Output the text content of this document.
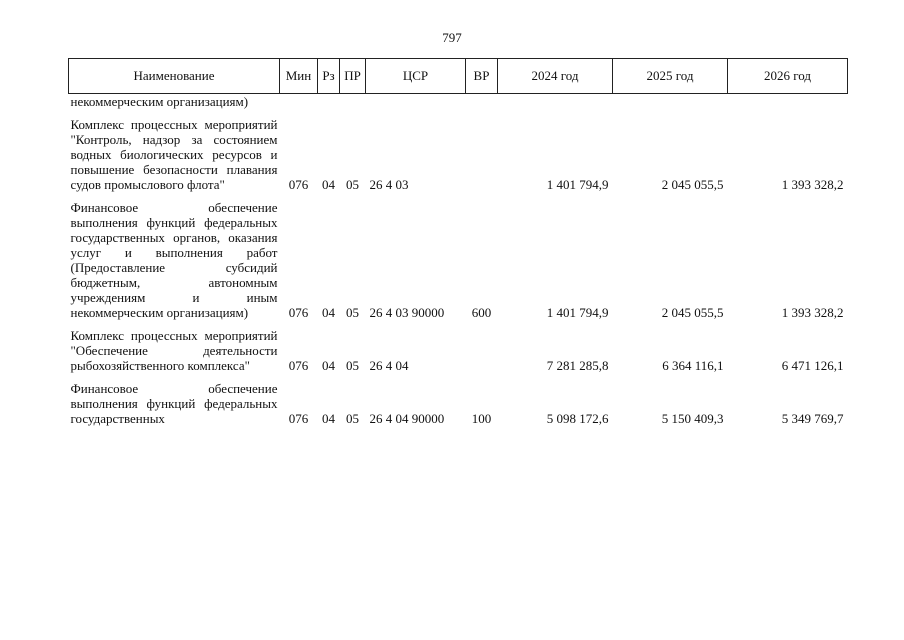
797
Наименование	Мин	Рз	ПР	ЦСР	ВР	2024 год	2025 год	2026 год
некоммерческим организациям)								
Комплекс процессных мероприятий "Контроль, надзор за состоянием водных биологических ресурсов и повышение безопасности плавания судов промыслового флота"	076	04	05	26 4 03		1 401 794,9	2 045 055,5	1 393 328,2
Финансовое обеспечение выполнения функций федеральных государственных органов, оказания услуг и выполнения работ (Предоставление субсидий бюджетным, автономным учреждениям и иным некоммерческим организациям)	076	04	05	26 4 03 90000	600	1 401 794,9	2 045 055,5	1 393 328,2
Комплекс процессных мероприятий "Обеспечение деятельности рыбохозяйственного комплекса"	076	04	05	26 4 04		7 281 285,8	6 364 116,1	6 471 126,1
Финансовое обеспечение выполнения функций федеральных государственных	076	04	05	26 4 04 90000	100	5 098 172,6	5 150 409,3	5 349 769,7
